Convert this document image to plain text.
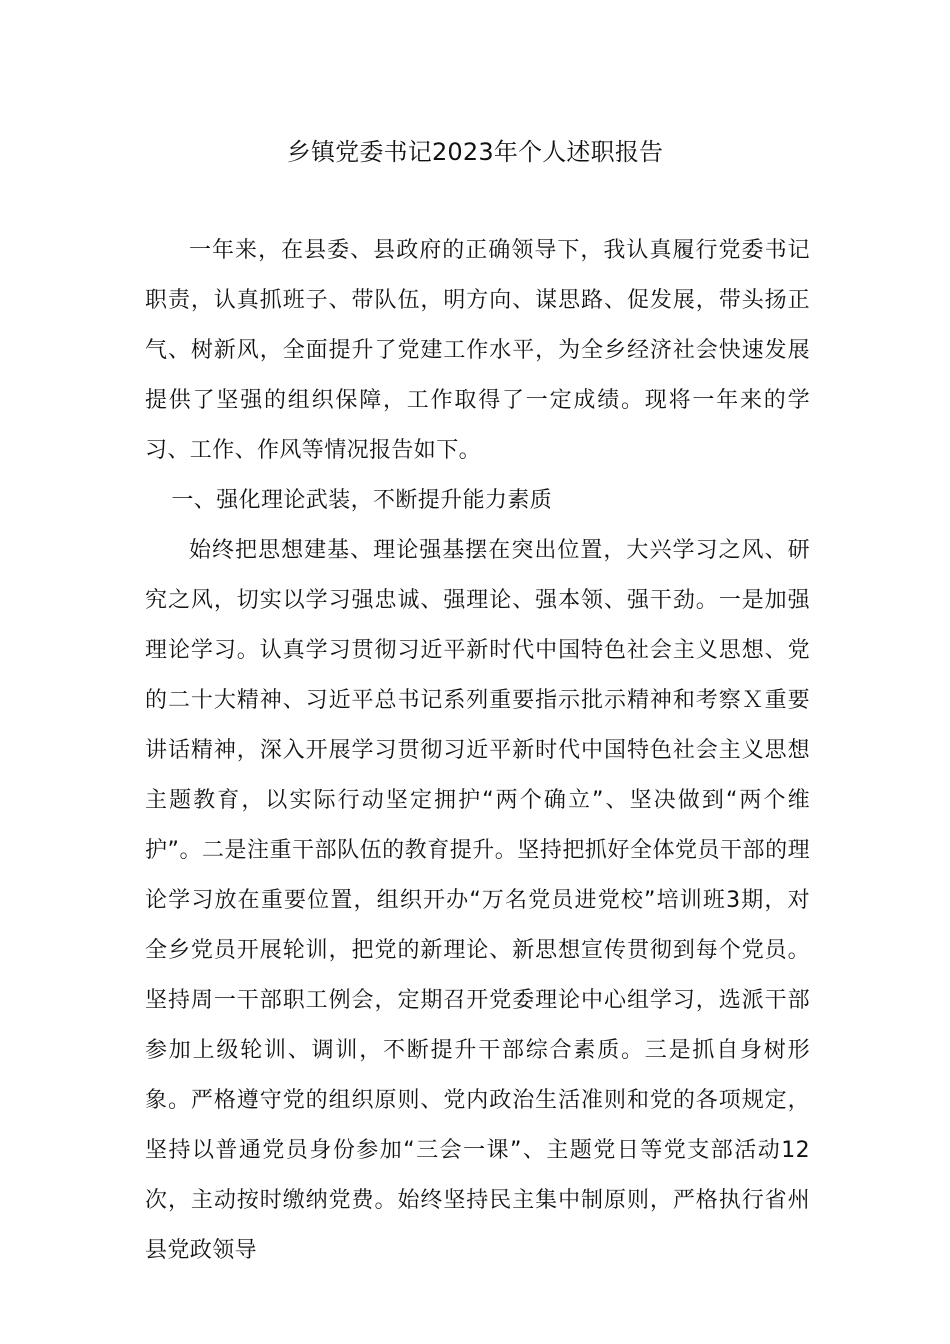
乡镇党委书记2023年个人述职报告

一年来，在县委、县政府的正确领导下，我认真履行党委书记职责，认真抓班子、带队伍，明方向、谋思路、促发展，带头扬正气、树新风，全面提升了党建工作水平，为全乡经济社会快速发展提供了坚强的组织保障，工作取得了一定成绩。现将一年来的学习、工作、作风等情况报告如下。

一、强化理论武装，不断提升能力素质

始终把思想建基、理论强基摆在突出位置，大兴学习之风、研究之风，切实以学习强忠诚、强理论、强本领、强干劲。一是加强理论学习。认真学习贯彻习近平新时代中国特色社会主义思想、党的二十大精神、习近平总书记系列重要指示批示精神和考察Ｘ重要讲话精神，深入开展学习贯彻习近平新时代中国特色社会主义思想主题教育，以实际行动坚定拥护“两个确立”、坚决做到“两个维护”。二是注重干部队伍的教育提升。坚持把抓好全体党员干部的理论学习放在重要位置，组织开办“万名党员进党校”培训班3期，对全乡党员开展轮训，把党的新理论、新思想宣传贯彻到每个党员。坚持周一干部职工例会，定期召开党委理论中心组学习，选派干部参加上级轮训、调训，不断提升干部综合素质。三是抓自身树形象。严格遵守党的组织原则、党内政治生活准则和党的各项规定，坚持以普通党员身份参加“三会一课”、主题党日等党支部活动12次，主动按时缴纳党费。始终坚持民主集中制原则，严格执行省州县党政领导
